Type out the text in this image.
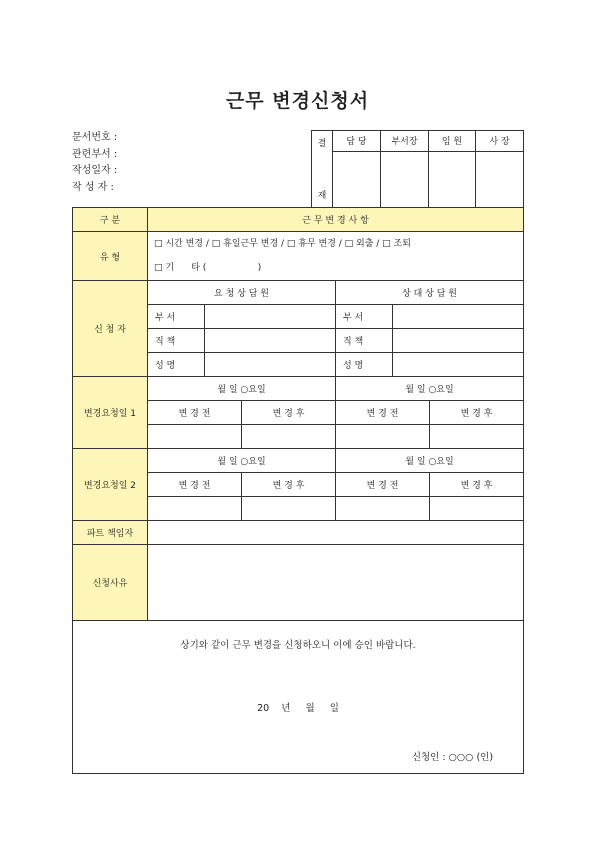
근무 변경신청서
문서번호 :
관련부서 :
작성일자 :
작 성 자 :
결

재	담 당	부서장	임 원	사 장

구 분	근 무 변 경 사 항					
유 형	□ 시간 변경 / □ 휴일근무 변경 / □ 휴무 변경 / □ 외출 / □ 조퇴
□ 기      타 (                  )					

신 청 자	요 청 상 담 원			상 대 상 담 원		
	부 서			부 서		
	직 책			직 책		
	성 명			성 명		
변경요청일 1	월 일 ○요일			월 일 ○요일		
	변 경 전		변 경 후	변 경 전		변 경 후

변경요청일 2	월 일 ○요일			월 일 ○요일		
	변 경 전		변 경 후	변 경 전		변 경 후

파트 책임자						
신청사유						

상기와 같이 근무 변경을 신청하오니 이에 승인 바랍니다.
20    년     월     일
신청인 : ○○○ (인)						
